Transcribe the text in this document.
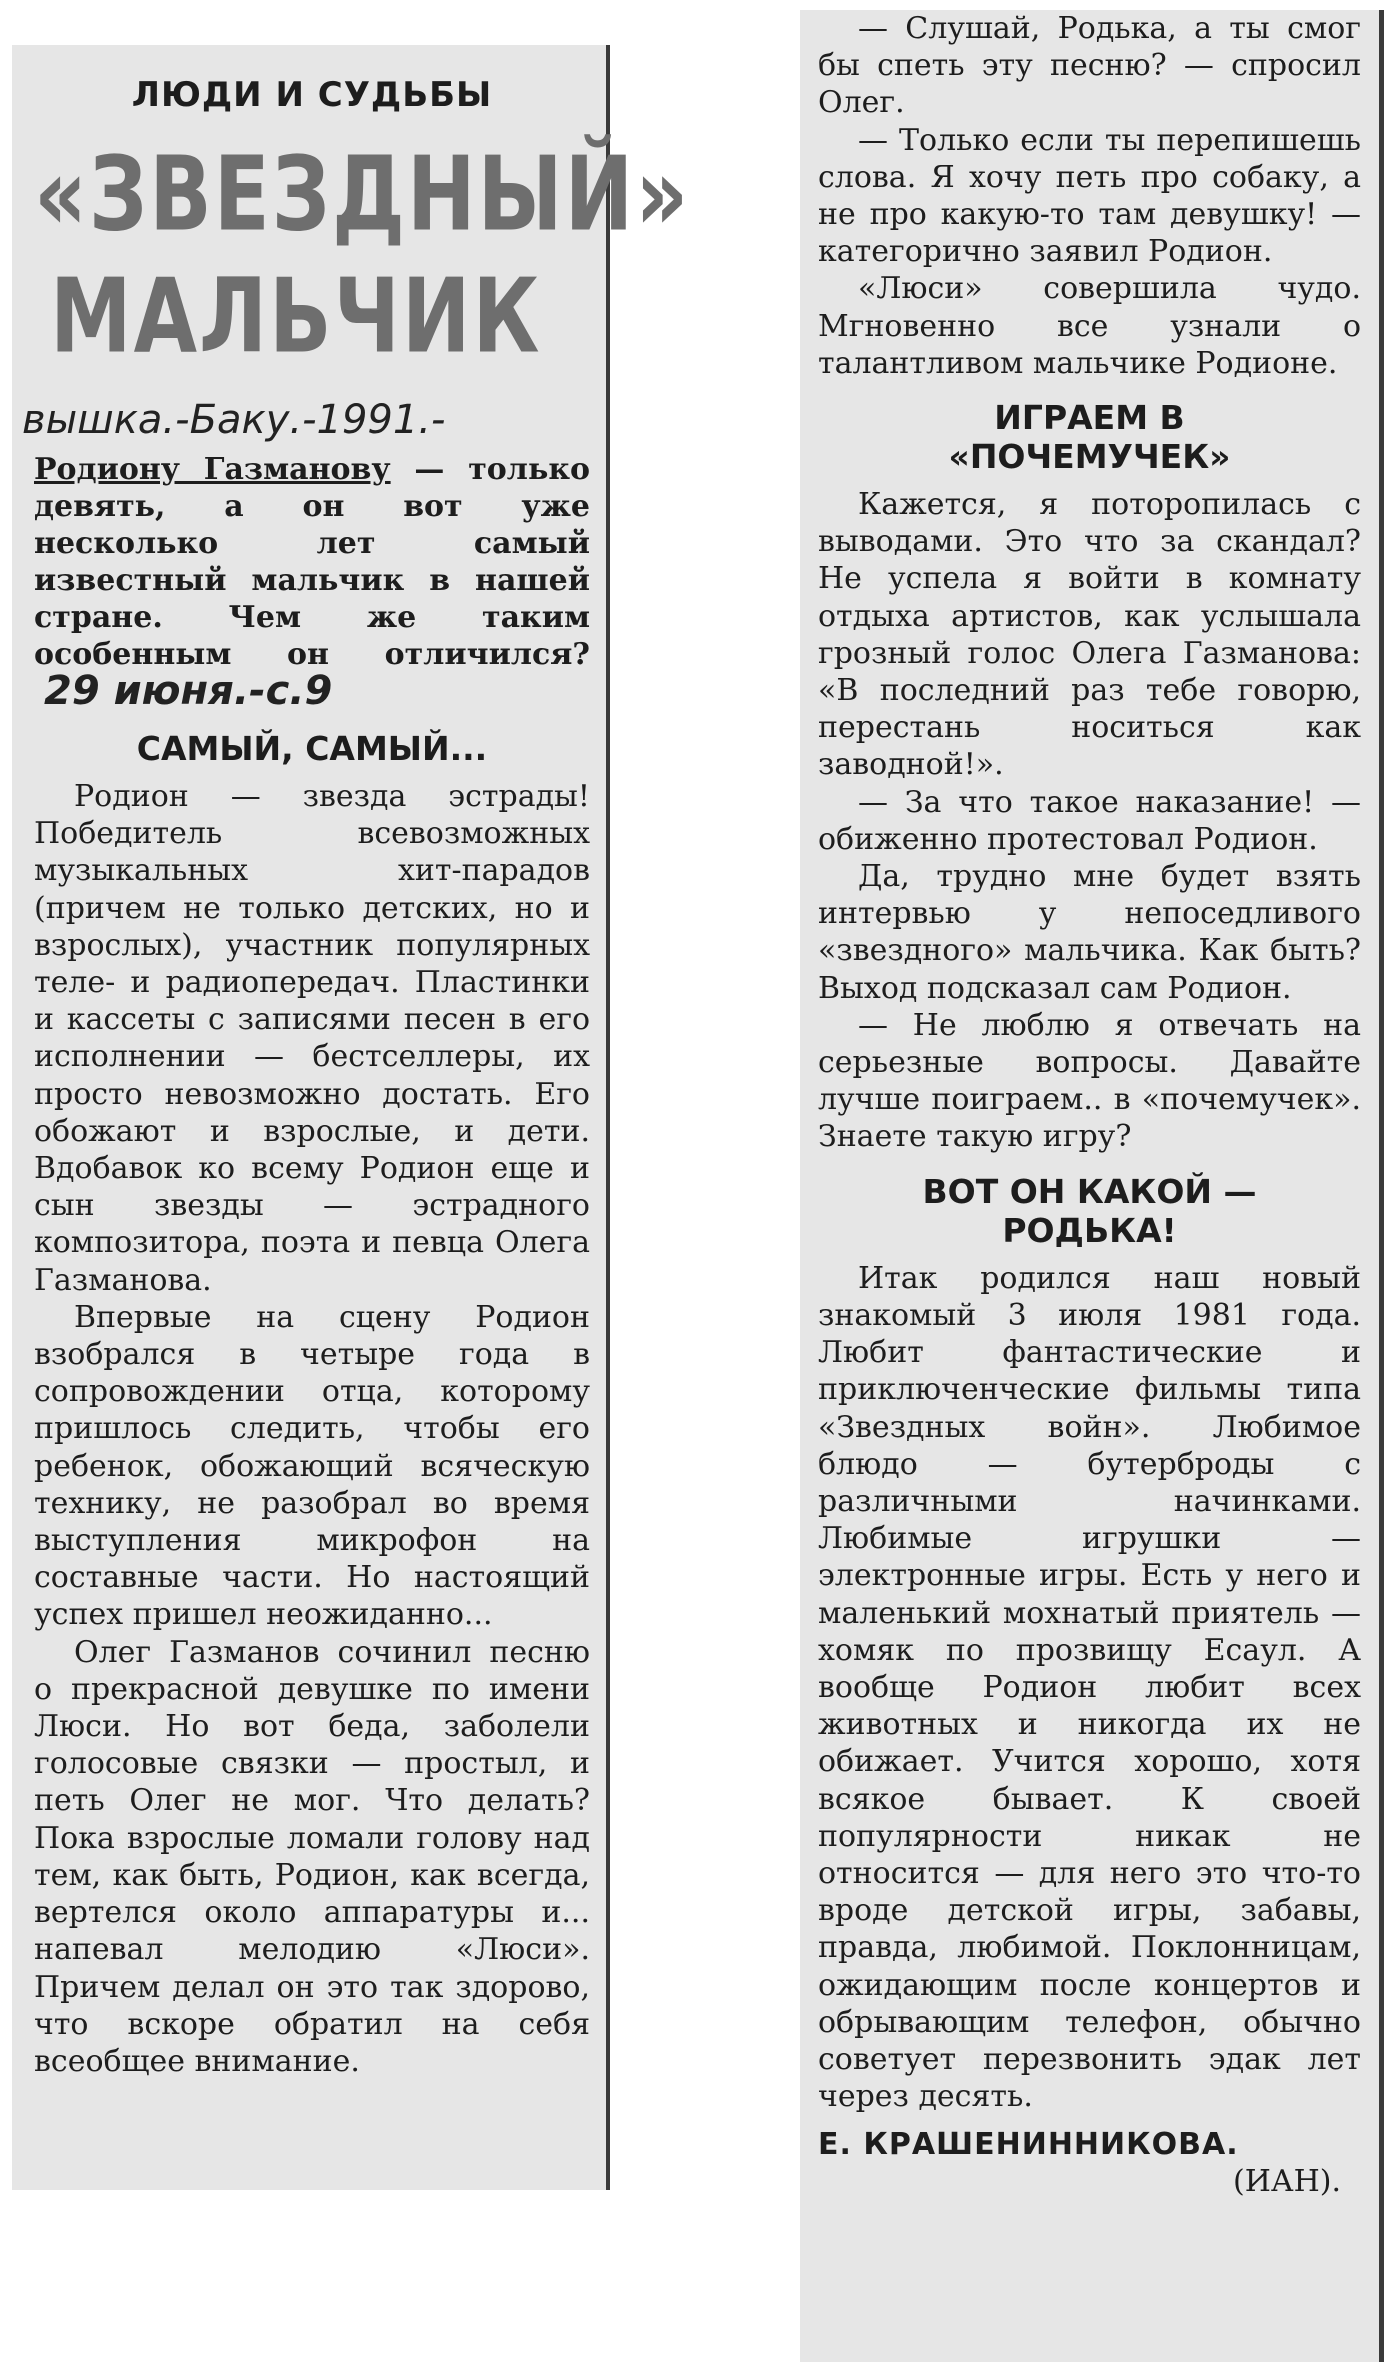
ЛЮДИ И СУДЬБЫ
«ЗВЕЗДНЫЙ»
МАЛЬЧИК
вышка.-Баку.-1991.-
Родиону Газманову — только девять, а он вот уже несколько лет самый известный мальчик в нашей стране. Чем же таким особенным он отличился? 29 июня.-с.9
САМЫЙ, САМЫЙ...

Родион — звезда эстрады! Победитель всевозможных музыкальных хит-парадов (причем не только детских, но и взрослых), участник популярных теле- и радиопередач. Пластинки и кассеты с записями песен в его исполнении — бестселлеры, их просто невозможно достать. Его обожают и взрослые, и дети. Вдобавок ко всему Родион еще и сын звезды — эстрадного композитора, поэта и певца Олега Газманова.

Впервые на сцену Родион взобрался в четыре года в сопровождении отца, которому пришлось следить, чтобы его ребенок, обожающий всяческую технику, не разобрал во время выступления микрофон на составные части. Но настоящий успех пришел неожиданно...

Олег Газманов сочинил песню о прекрасной девушке по имени Люси. Но вот беда, заболели голосовые связки — простыл, и петь Олег не мог. Что делать? Пока взрослые ломали голову над тем, как быть, Родион, как всегда, вертелся около аппаратуры и... напевал мелодию «Люси». Причем делал он это так здорово, что вскоре обратил на себя всеобщее внимание.

— Слушай, Родька, а ты смог бы спеть эту песню? — спросил Олег.

— Только если ты перепишешь слова. Я хочу петь про собаку, а не про какую-то там девушку! — категорично заявил Родион.

«Люси» совершила чудо. Мгновенно все узнали о талантливом мальчике Родионе.

ИГРАЕМ В
«ПОЧЕМУЧЕК»

Кажется, я поторопилась с выводами. Это что за скандал? Не успела я войти в комнату отдыха артистов, как услышала грозный голос Олега Газманова: «В последний раз тебе говорю, перестань носиться как заводной!».

— За что такое наказание! — обиженно протестовал Родион.

Да, трудно мне будет взять интервью у непоседливого «звездного» мальчика. Как быть? Выход подсказал сам Родион.

— Не люблю я отвечать на серьезные вопросы. Давайте лучше поиграем.. в «почемучек». Знаете такую игру?

ВОТ ОН КАКОЙ —
РОДЬКА!

Итак родился наш новый знакомый 3 июля 1981 года. Любит фантастические и приключенческие фильмы типа «Звездных войн». Любимое блюдо — бутерброды с различными начинками. Любимые игрушки — электронные игры. Есть у него и маленький мохнатый приятель — хомяк по прозвищу Есаул. А вообще Родион любит всех животных и никогда их не обижает. Учится хорошо, хотя всякое бывает. К своей популярности никак не относится — для него это что-то вроде детской игры, забавы, правда, любимой. Поклонницам, ожидающим после концертов и обрывающим телефон, обычно советует перезвонить эдак лет через десять.

Е. КРАШЕНИННИКОВА.
(ИАН).
